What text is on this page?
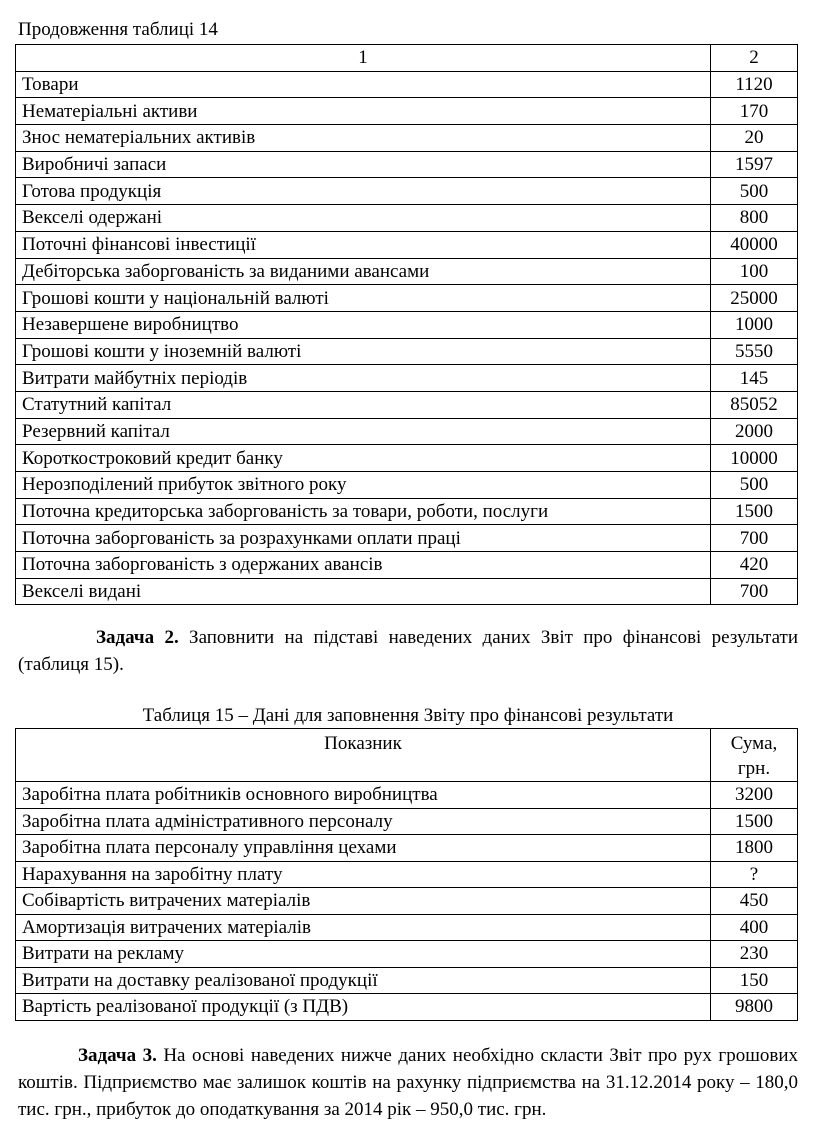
Продовження таблиці 14
1	2
Товари	1120
Нематеріальні активи	170
Знос нематеріальних активів	20
Виробничі запаси	1597
Готова продукція	500
Векселі одержані	800
Поточні фінансові інвестиції	40000
Дебіторська заборгованість за виданими авансами	100
Грошові кошти у національній валюті	25000
Незавершене виробництво	1000
Грошові кошти у іноземній валюті	5550
Витрати майбутніх періодів	145
Статутний капітал	85052
Резервний капітал	2000
Короткостроковий кредит банку	10000
Нерозподілений прибуток звітного року	500
Поточна кредиторська заборгованість за товари, роботи, послуги	1500
Поточна заборгованість за розрахунками оплати праці	700
Поточна заборгованість з одержаних авансів	420
Векселі видані	700
Задача 2. Заповнити на підставі наведених даних Звіт про фінансові результати (таблиця 15).
Таблиця 15 – Дані для заповнення Звіту про фінансові результати
Показник	Сума, грн.
Заробітна плата робітників основного виробництва	3200
Заробітна плата адміністративного персоналу	1500
Заробітна плата персоналу управління цехами	1800
Нарахування на заробітну плату	?
Собівартість витрачених матеріалів	450
Амортизація витрачених матеріалів	400
Витрати на рекламу	230
Витрати на доставку реалізованої продукції	150
Вартість реалізованої продукції (з ПДВ)	9800
Задача 3. На основі наведених нижче даних необхідно скласти Звіт про рух грошових коштів. Підприємство має залишок коштів на рахунку підприємства на 31.12.2014 року – 180,0 тис. грн., прибуток до оподаткування за 2014 рік – 950,0 тис. грн.
